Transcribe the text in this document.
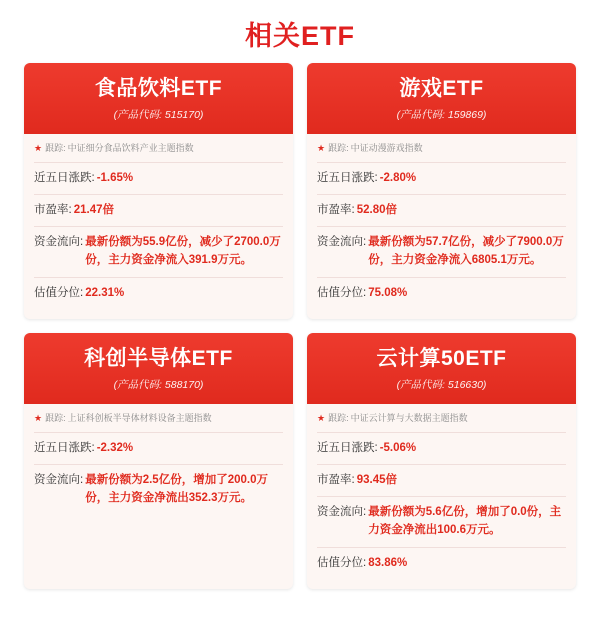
相关ETF
食品饮料ETF
(产品代码: 515170)
★ 跟踪: 中证细分食品饮料产业主题指数
近五日涨跌: -1.65%
市盈率: 21.47倍
资金流向: 最新份额为55.9亿份，减少了2700.0万份，主力资金净流入391.9万元。
估值分位: 22.31%
游戏ETF
(产品代码: 159869)
★ 跟踪: 中证动漫游戏指数
近五日涨跌: -2.80%
市盈率: 52.80倍
资金流向: 最新份额为57.7亿份，减少了7900.0万份，主力资金净流入6805.1万元。
估值分位: 75.08%
科创半导体ETF
(产品代码: 588170)
★ 跟踪: 上证科创板半导体材料设备主题指数
近五日涨跌: -2.32%
资金流向: 最新份额为2.5亿份，增加了200.0万份，主力资金净流出352.3万元。
云计算50ETF
(产品代码: 516630)
★ 跟踪: 中证云计算与大数据主题指数
近五日涨跌: -5.06%
市盈率: 93.45倍
资金流向: 最新份额为5.6亿份，增加了0.0份，主力资金净流出100.6万元。
估值分位: 83.86%
